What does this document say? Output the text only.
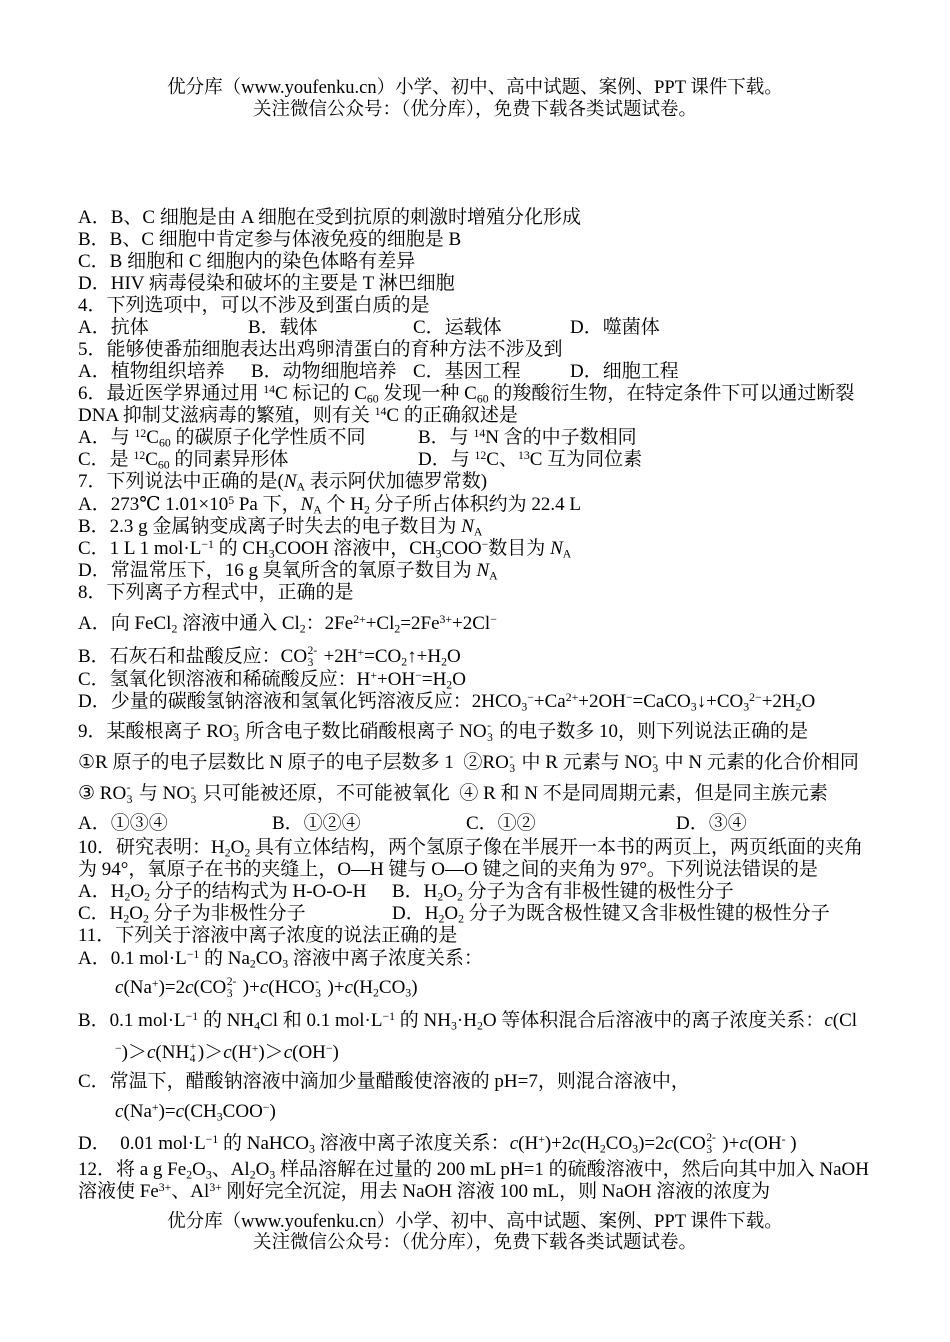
优分库（www.youfenku.cn）小学、初中、高中试题、案例、PPT 课件下载。
关注微信公众号：（优分库），免费下载各类试题试卷。
A．B、C 细胞是由 A 细胞在受到抗原的刺激时增殖分化形成
B．B、C 细胞中肯定参与体液免疫的细胞是 B
C．B 细胞和 C 细胞内的染色体略有差异
D．HIV 病毒侵染和破坏的主要是 T 淋巴细胞
4．下列选项中，可以不涉及到蛋白质的是
A．抗体	B．载体	C．运载体	D．噬菌体
5．能够使番茄细胞表达出鸡卵清蛋白的育种方法不涉及到
A．植物组织培养 B．动物细胞培养 C．基因工程	D．细胞工程
6．最近医学界通过用 $^{14}$C 标记的 C60 发现一种 C60 的羧酸衍生物，在特定条件下可以通过断裂
DNA 抑制艾滋病毒的繁殖，则有关 $^{14}$C 的正确叙述是
A．与 $^{12}$C60 的碳原子化学性质不同	B．与 $^{14}$N 含的中子数相同
C．是 $^{12}$C60 的同素异形体	D．与 $^{12}$C、$^{13}$C 互为同位素
7．下列说法中正确的是(NA 表示阿伏加德罗常数)
A．273℃ $1.01\times 10^5$ Pa 下，NA 个 H2 分子所占体积约为 22.4 L
B．2.3 g 金属钠变成离子时失去的电子数目为 NA
C．1 L 1 $mol\cdot L^{-1}$ 的 CH3COOH 溶液中，CH3COO−数目为 NA
D．常温常压下，16 g 臭氧所含的氧原子数目为 NA
8．下列离子方程式中，正确的是
A．向 FeCl2 溶液中通入 Cl2：$2Fe^{2+}+Cl2=2Fe^{3+}+2Cl^-$
B．石灰石和盐酸反应：CO 2-
3 +2H+=CO2↑+H2O
C．氢氧化钡溶液和稀硫酸反应：H++OH−=H2O
D．少量的碳酸氢钠溶液和氢氧化钙溶液反应：$2HCO3^-+Ca^{2+}+2OH^-=CaCO3↓+CO3^{2-}+2H2O$
9．某酸根离子 RO -
3 所含电子数比硝酸根离子 NO -
3 的电子数多 10，则下列说法正确的是
①R 原子的电子层数比 N 原子的电子层数多 1  ②RO -
3 中 R 元素与 NO -
3 中 N 元素的化合价相同
③ RO -
3 与 NO -
3 只可能被还原，不可能被氧化  ④ R 和 N 不是同周期元素，但是同主族元素
A．①③④	B．①②④	C．①②	D．③④
10．研究表明：H2O2 具有立体结构，两个氢原子像在半展开一本书的两页上，两页纸面的夹角
为 94°，氧原子在书的夹缝上，O—H 键与 O—O 键之间的夹角为 97°。下列说法错误的是
A．H2O2 分子的结构式为 H-O-O-H B．H2O2 分子为含有非极性键的极性分子
C．H2O2 分子为非极性分子	D．H2O2 分子为既含极性键又含非极性键的极性分子
11．下列关于溶液中离子浓度的说法正确的是
A．0.1 $mol\cdot L^{-1}$ 的 Na2CO3 溶液中离子浓度关系：
c(Na+)=2c(CO 2-
3 )+c(HCO -
3 )+c(H2CO3)
B．0.1 $mol\cdot L^{-1}$ 的 NH4Cl 和 0.1 $mol\cdot L^{-1}$ 的 NH3·H2O 等体积混合后溶液中的离子浓度关系：c(Cl
−)＞c(NH +
4 )＞c(H+)＞c(OH−)
C．常温下，醋酸钠溶液中滴加少量醋酸使溶液的 pH=7，则混合溶液中，
c(Na+)=c(CH3COO−)
D．  0.01 $mol\cdot L^{-1}$ 的 NaHCO3 溶液中离子浓度关系：c(H+)+2c(H2CO3)=2c(CO 2-
3 )+c(OH- )
12．将 a g Fe2O3、Al2O3 样品溶解在过量的 200 mL pH=1 的硫酸溶液中，然后向其中加入 NaOH
溶液使 $Fe^{3+}$、$Al^{3+}$ 刚好完全沉淀，用去 NaOH 溶液 100 mL，则 NaOH 溶液的浓度为
优分库（www.youfenku.cn）小学、初中、高中试题、案例、PPT 课件下载。
关注微信公众号：（优分库），免费下载各类试题试卷。
